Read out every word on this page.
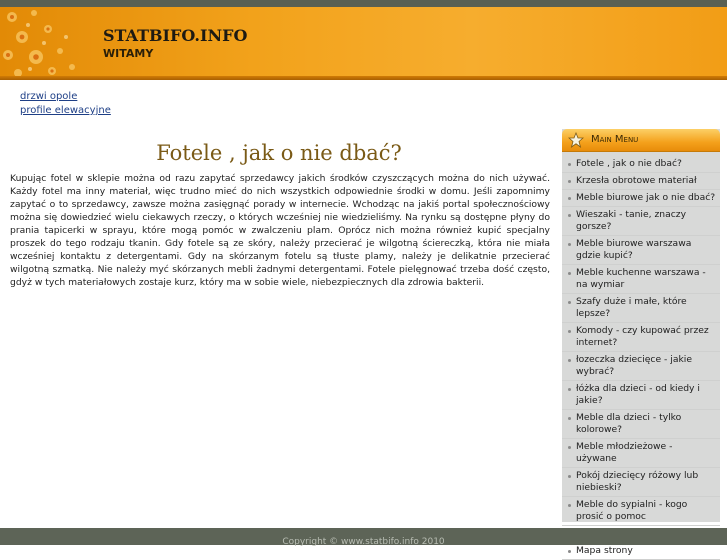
STATBIFO.INFO
WITAMY
drzwi opole
profile elewacyjne
Fotele , jak o nie dbać?

Kupując fotel w sklepie można od razu zapytać sprzedawcy jakich środków czyszczących można do nich używać. Każdy fotel ma inny materiał, więc trudno mieć do nich wszystkich odpowiednie środki w domu. Jeśli zapomnimy zapytać o to sprzedawcy, zawsze można zasięgnąć porady w internecie. Wchodząc na jakiś portal społecznościowy można się dowiedzieć wielu ciekawych rzeczy, o których wcześniej nie wiedzieliśmy. Na rynku są dostępne płyny do prania tapicerki w sprayu, które mogą pomóc w zwalczeniu plam. Oprócz nich można również kupić specjalny proszek do tego rodzaju tkanin. Gdy fotele są ze skóry, należy przecierać je wilgotną ściereczką, która nie miała wcześniej kontaktu z detergentami. Gdy na skórzanym fotelu są tłuste plamy, należy je delikatnie przecierać wilgotną szmatką. Nie należy myć skórzanych mebli żadnymi detergentami. Fotele pielęgnować trzeba dość często, gdyż w tych materiałowych zostaje kurz, który ma w sobie wiele, niebezpiecznych dla zdrowia bakterii.

Main Menu
Fotele , jak o nie dbać?
Krzesła obrotowe materiał
Meble biurowe jak o nie dbać?
Wieszaki - tanie, znaczy gorsze?
Meble biurowe warszawa gdzie kupić?
Meble kuchenne warszawa - na wymiar
Szafy duże i małe, które lepsze?
Komody - czy kupować przez internet?
łozeczka dziecięce - jakie wybrać?
łóżka dla dzieci - od kiedy i jakie?
Meble dla dzieci - tylko kolorowe?
Meble młodzieżowe - używane
Pokój dziecięcy różowy lub niebieski?
Meble do sypialni - kogo prosić o pomoc
Mapa strony
Copyright © www.statbifo.info 2010
